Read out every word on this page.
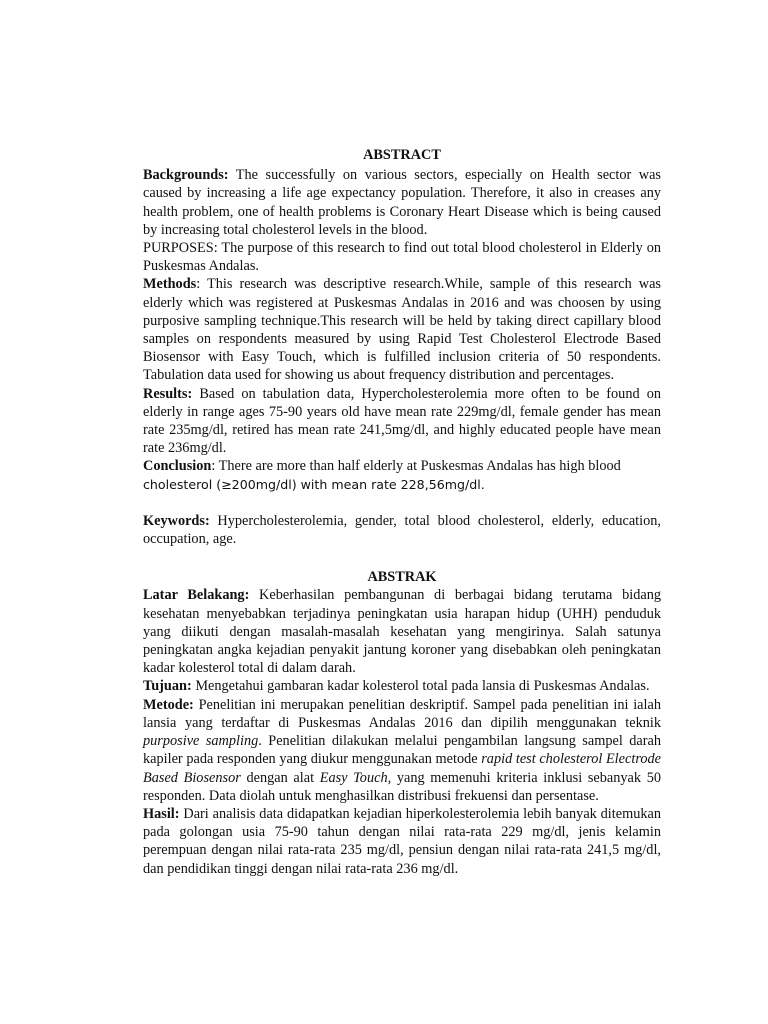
ABSTRACT

Backgrounds: The successfully on various sectors, especially on Health sector was caused by increasing a life age expectancy population. Therefore, it also in creases any health problem, one of health problems is Coronary Heart Disease which is being caused by increasing total cholesterol levels in the blood.

PURPOSES: The purpose of this research to find out total blood cholesterol in Elderly on Puskesmas Andalas.

Methods: This research was descriptive research.While, sample of this research was elderly which was registered at Puskesmas Andalas in 2016 and was choosen by using purposive sampling technique.This research will be held by taking direct capillary blood samples on respondents measured by using Rapid Test Cholesterol Electrode Based Biosensor with Easy Touch, which is fulfilled inclusion criteria of 50 respondents. Tabulation data used for showing us about frequency distribution and percentages.

Results: Based on tabulation data, Hypercholesterolemia more often to be found on elderly in range ages 75-90 years old have mean rate 229mg/dl, female gender has mean rate 235mg/dl, retired has mean rate 241,5mg/dl, and highly educated people have mean rate 236mg/dl.

Conclusion: There are more than half elderly at Puskesmas Andalas has high blood
cholesterol (≥200mg/dl) with mean rate 228,56mg/dl.

Keywords: Hypercholesterolemia, gender, total blood cholesterol, elderly, education, occupation, age.

ABSTRAK

Latar Belakang: Keberhasilan pembangunan di berbagai bidang terutama bidang kesehatan menyebabkan terjadinya peningkatan usia harapan hidup (UHH) penduduk yang diikuti dengan masalah-masalah kesehatan yang mengirinya. Salah satunya peningkatan angka kejadian penyakit jantung koroner yang disebabkan oleh peningkatan kadar kolesterol total di dalam darah.

Tujuan: Mengetahui gambaran kadar kolesterol total pada lansia di Puskesmas Andalas.

Metode: Penelitian ini merupakan penelitian deskriptif. Sampel pada penelitian ini ialah lansia yang terdaftar di Puskesmas Andalas 2016 dan dipilih menggunakan teknik purposive sampling. Penelitian dilakukan melalui pengambilan langsung sampel darah kapiler pada responden yang diukur menggunakan metode rapid test cholesterol Electrode Based Biosensor dengan alat Easy Touch, yang memenuhi kriteria inklusi sebanyak 50 responden. Data diolah untuk menghasilkan distribusi frekuensi dan persentase.

Hasil: Dari analisis data didapatkan kejadian hiperkolesterolemia lebih banyak ditemukan pada golongan usia 75-90 tahun dengan nilai rata-rata 229 mg/dl, jenis kelamin perempuan dengan nilai rata-rata 235 mg/dl, pensiun dengan nilai rata-rata 241,5 mg/dl, dan pendidikan tinggi dengan nilai rata-rata 236 mg/dl.
